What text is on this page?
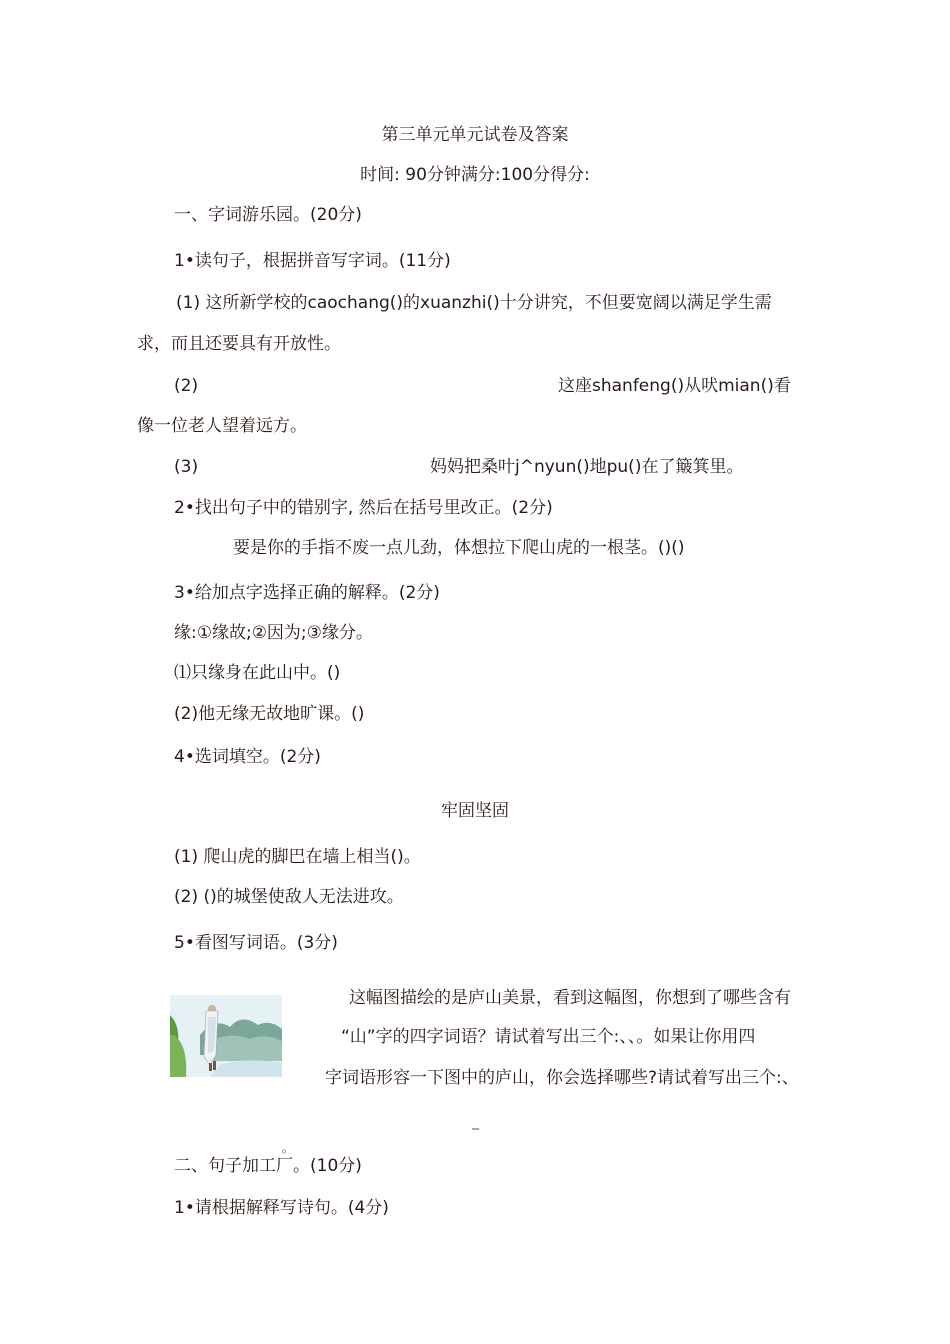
第三单元单元试卷及答案
时间: 90分钟满分:100分得分:
一、字词游乐园。(20分)
1•读句子，根据拼音写字词。(11分)
(1) 这所新学校的caochang()的xuanzhi()十分讲究，不但要宽阔以满足学生需
求，而且还要具有开放性。
(2)	这座shanfeng()从吠mian()看
像一位老人望着远方。
(3)	妈妈把桑叶j^nyun()地pu()在了簸箕里。
2•找出句子中的错别字, 然后在括号里改正。(2分)
要是你的手指不废一点儿劲，体想拉下爬山虎的一根茎。()()
3•给加点字选择正确的解释。(2分)
缘:①缘故;②因为;③缘分。
⑴只缘身在此山中。()
(2)他无缘无故地旷课。()
4•选词填空。(2分)
牢固坚固
(1) 爬山虎的脚巴在墙上相当()。
(2) ()的城堡使敌人无法进攻。
5•看图写词语。(3分)
这幅图描绘的是庐山美景，看到这幅图，你想到了哪些含有
“山”字的四字词语？请试着写出三个:、、。如果让你用四
字词语形容一下图中的庐山，你会选择哪些?请试着写出三个:、
_
。
二、句子加工厂。(10分)
1•请根据解释写诗句。(4分)
